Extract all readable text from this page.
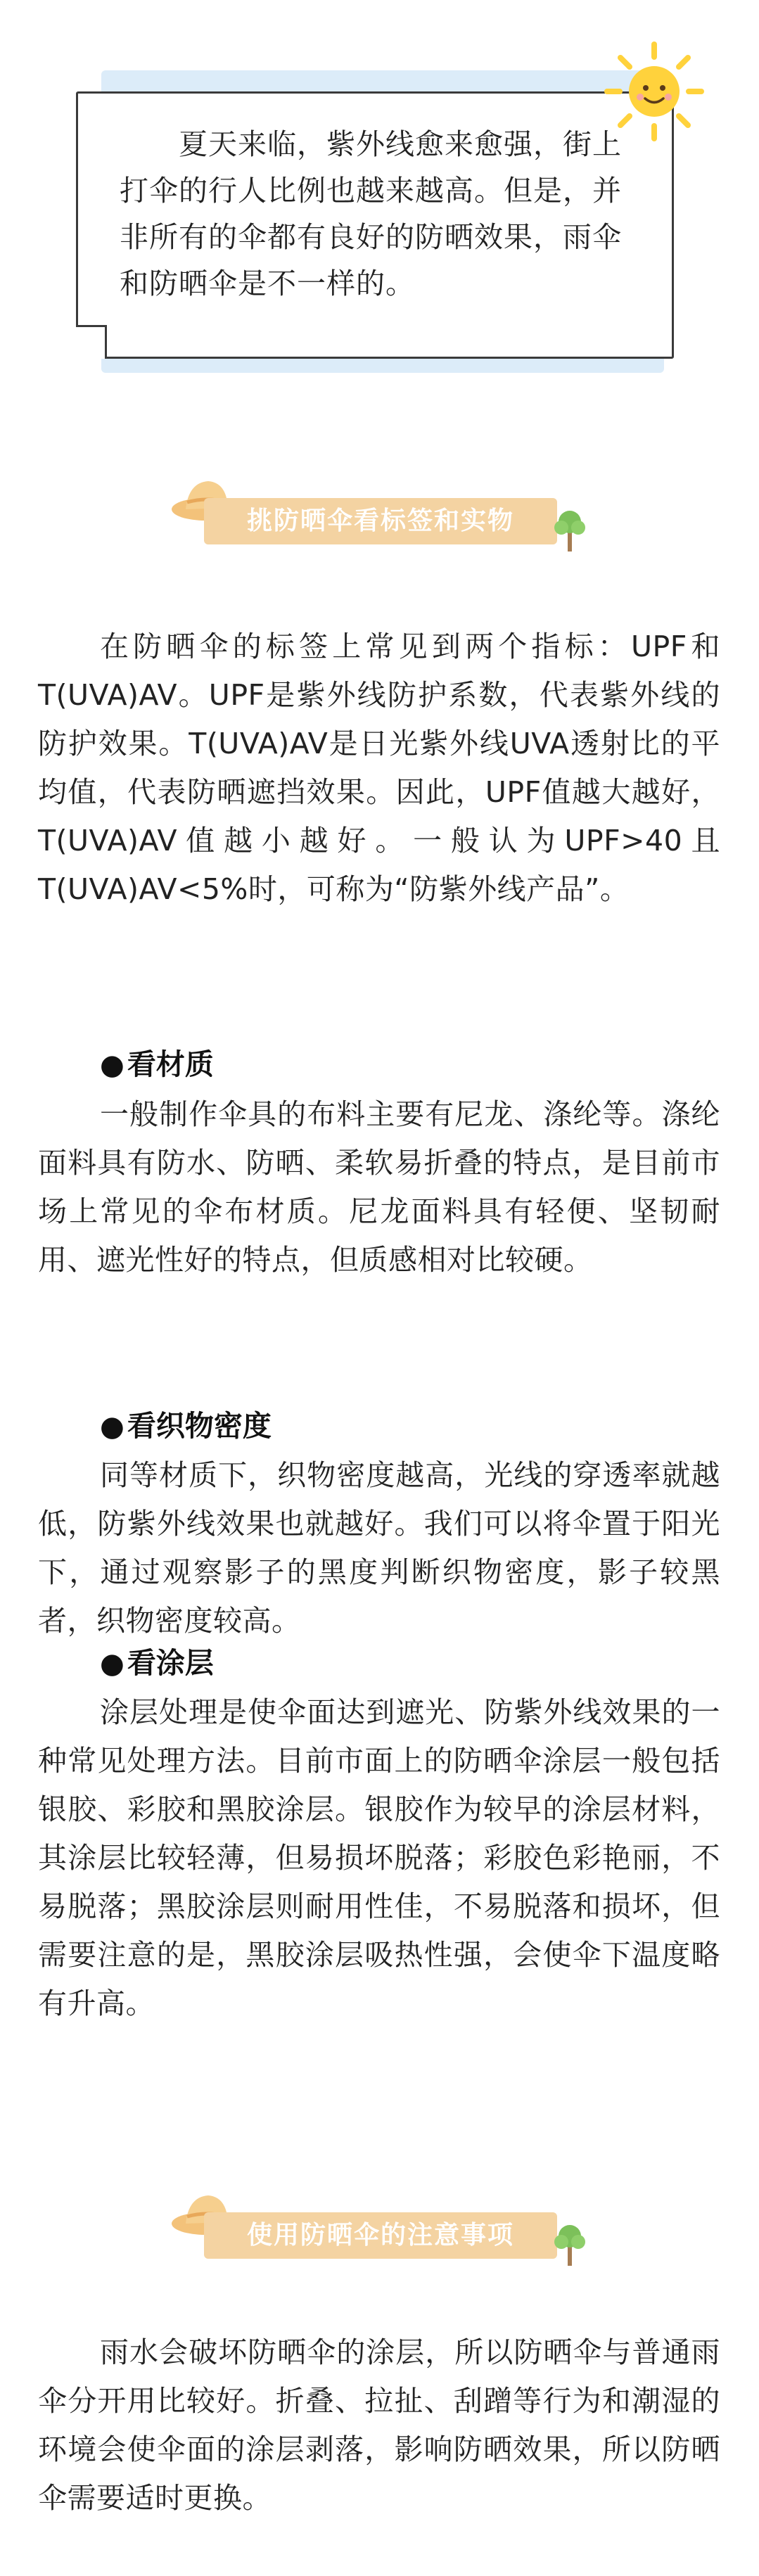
夏天来临，紫外线愈来愈强，街上打伞的行人比例也越来越高。但是，并非所有的伞都有良好的防晒效果，雨伞和防晒伞是不一样的。

挑防晒伞看标签和实物

在防晒伞的标签上常见到两个指标：UPF和T(UVA)AV。UPF是紫外线防护系数，代表紫外线的防护效果。T(UVA)AV是日光紫外线UVA透射比的平均值，代表防晒遮挡效果。因此，UPF值越大越好，T(UVA)AV值越小越好。一般认为UPF>40且T(UVA)AV<5%时，可称为“防紫外线产品”。

●看材质

一般制作伞具的布料主要有尼龙、涤纶等。涤纶面料具有防水、防晒、柔软易折叠的特点，是目前市场上常见的伞布材质。尼龙面料具有轻便、坚韧耐用、遮光性好的特点，但质感相对比较硬。

●看织物密度

同等材质下，织物密度越高，光线的穿透率就越低，防紫外线效果也就越好。我们可以将伞置于阳光下，通过观察影子的黑度判断织物密度，影子较黑者，织物密度较高。

●看涂层

涂层处理是使伞面达到遮光、防紫外线效果的一种常见处理方法。目前市面上的防晒伞涂层一般包括银胶、彩胶和黑胶涂层。银胶作为较早的涂层材料，其涂层比较轻薄，但易损坏脱落；彩胶色彩艳丽，不易脱落；黑胶涂层则耐用性佳，不易脱落和损坏，但需要注意的是，黑胶涂层吸热性强，会使伞下温度略有升高。

使用防晒伞的注意事项

雨水会破坏防晒伞的涂层，所以防晒伞与普通雨伞分开用比较好。折叠、拉扯、刮蹭等行为和潮湿的环境会使伞面的涂层剥落，影响防晒效果，所以防晒伞需要适时更换。
